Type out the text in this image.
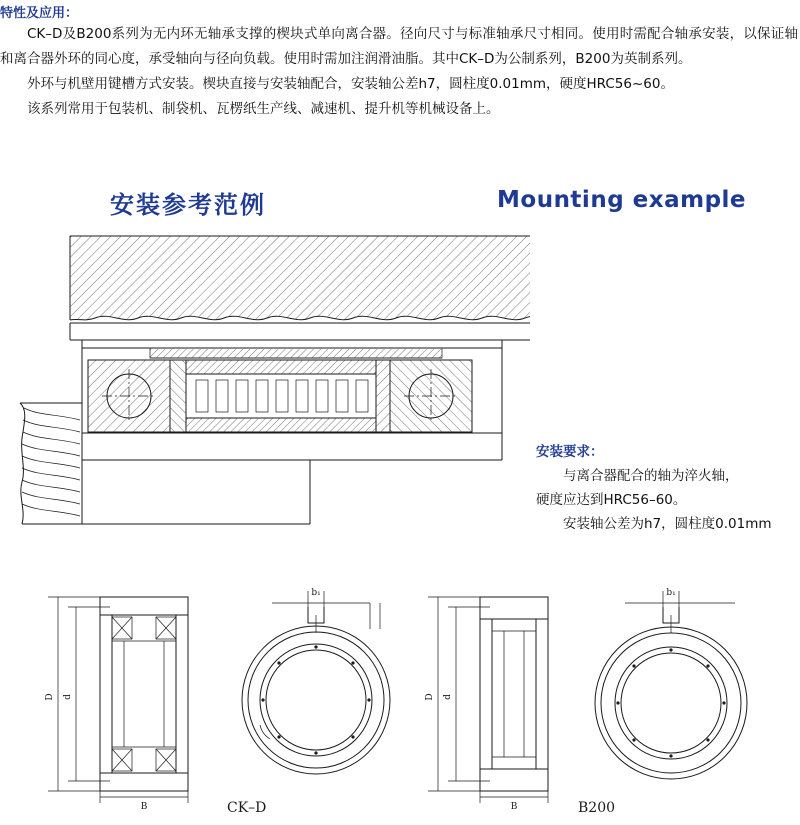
特性及应用：

CK–D及B200系列为无内环无轴承支撑的楔块式单向离合器。径向尺寸与标准轴承尺寸相同。使用时需配合轴承安装，以保证轴和离合器外环的同心度，承受轴向与径向负载。使用时需加注润滑油脂。其中CK–D为公制系列，B200为英制系列。

外环与机壁用键槽方式安装。楔块直接与安装轴配合，安装轴公差h7，圆柱度0.01mm，硬度HRC56~60。

该系列常用于包装机、制袋机、瓦楞纸生产线、减速机、提升机等机械设备上。

安装参考范例	Mounting example

安装要求：

与离合器配合的轴为淬火轴，

硬度应达到HRC56–60。

安装轴公差为h7，圆柱度0.01mm

D d
B
b₁
D d
B
b₁
CK–D	B200
